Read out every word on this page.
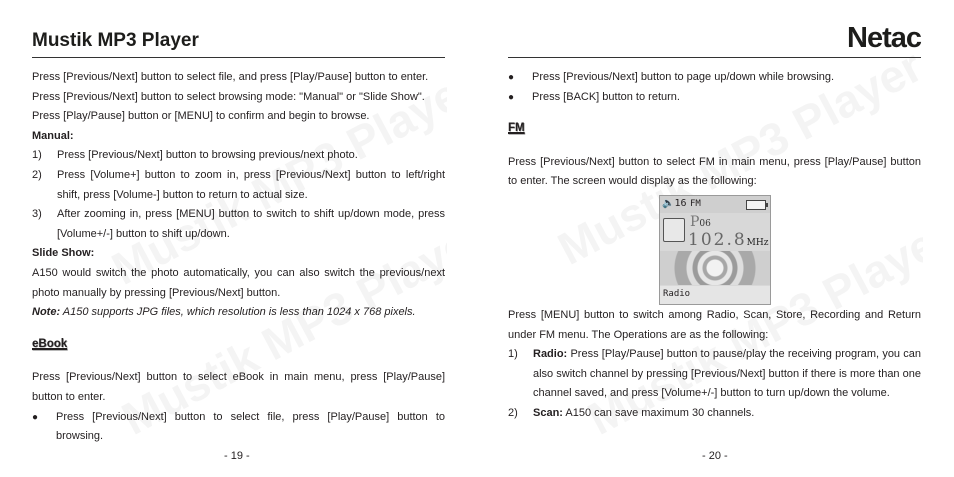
Mustik MP3 Player

Press [Previous/Next] button to select file, and press [Play/Pause] button to enter.

Press [Previous/Next] button to select browsing mode: "Manual" or "Slide Show".

Press [Play/Pause] button or [MENU] to confirm and begin to browse.

Manual:

1)	Press [Previous/Next] button to browsing previous/next photo.
2)	Press [Volume+] button to zoom in, press [Previous/Next] button to left/right shift, press [Volume-] button to return to actual size.
3)	After zooming in, press [MENU] button to switch to shift up/down mode, press [Volume+/-] button to shift up/down.

Slide Show:

A150 would switch the photo automatically, you can also switch the previous/next photo manually by pressing [Previous/Next] button.

Note: A150 supports JPG files, which resolution is less than 1024 x 768 pixels.

eBook

Press [Previous/Next] button to select eBook in main menu, press [Play/Pause] button to enter.

●	Press [Previous/Next] button to select file, press [Play/Pause] button to browsing.
- 19 -
Netac
●	Press [Previous/Next] button to page up/down while browsing.
●	Press [BACK] button to return.

FM

Press [Previous/Next] button to select FM in main menu, press [Play/Pause] button to enter. The screen would display as the following:

🔈16 FM
P06
102.8MHz
Radio

Press [MENU] button to switch among Radio, Scan, Store, Recording and Return under FM menu. The Operations are as the following:

1)	Radio: Press [Play/Pause] button to pause/play the receiving program, you can also switch channel by pressing [Previous/Next] button if there is more than one channel saved, and press [Volume+/-] button to turn up/down the volume.
2)	Scan: A150 can save maximum 30 channels.
- 20 -
